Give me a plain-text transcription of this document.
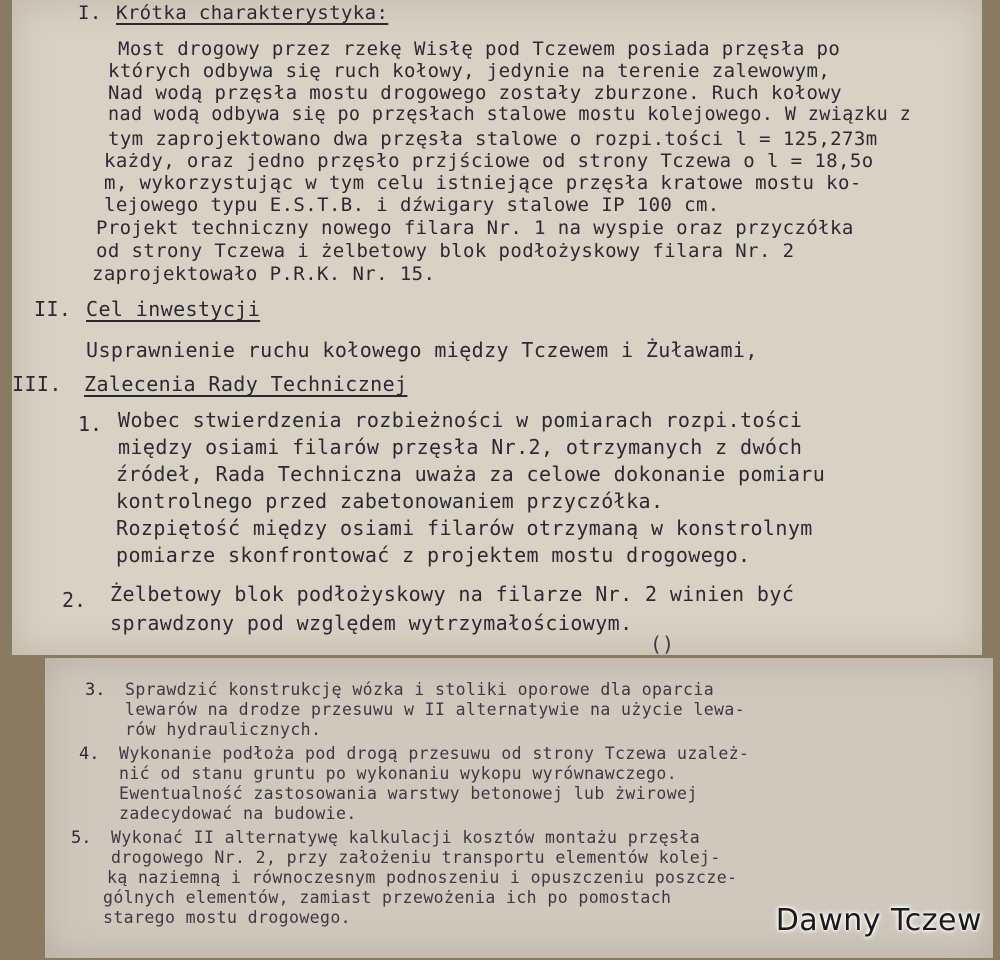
I. Krótka charakterystyka:
Most drogowy przez rzekę Wisłę pod Tczewem posiada przęsła po
których odbywa się ruch kołowy, jedynie na terenie zalewowym,
Nad wodą przęsła mostu drogowego zostały zburzone. Ruch kołowy
nad wodą odbywa się po przęsłach stalowe mostu kolejowego. W związku z
tym zaprojektowano dwa przęsła stalowe o rozpi.tości l = 125,273m
każdy, oraz jedno przęsło przjściowe od strony Tczewa o l = 18,5o
m, wykorzystując w tym celu istniejące przęsła kratowe mostu ko-
lejowego typu E.S.T.B. i dźwigary stalowe IP 100 cm.
Projekt techniczny nowego filara Nr. 1 na wyspie oraz przyczółka
od strony Tczewa i żelbetowy blok podłożyskowy filara Nr. 2
zaprojektowało P.R.K. Nr. 15.
II. Cel inwestycji
Usprawnienie ruchu kołowego między Tczewem i Żuławami,
III. Zalecenia Rady Technicznej
1. Wobec stwierdzenia rozbieżności w pomiarach rozpi.tości
między osiami filarów przęsła Nr.2, otrzymanych z dwóch
źródeł, Rada Techniczna uważa za celowe dokonanie pomiaru
kontrolnego przed zabetonowaniem przyczółka.
Rozpiętość między osiami filarów otrzymaną w konstrolnym
pomiarze skonfrontować z projektem mostu drogowego.
2. Żelbetowy blok podłożyskowy na filarze Nr. 2 winien być
sprawdzony pod względem wytrzymałościowym.
()
3. Sprawdzić konstrukcję wózka i stoliki oporowe dla oparcia
lewarów na drodze przesuwu w II alternatywie na użycie lewa-
rów hydraulicznych.
4. Wykonanie podłoża pod drogą przesuwu od strony Tczewa uzależ-
nić od stanu gruntu po wykonaniu wykopu wyrównawczego.
Ewentualność zastosowania warstwy betonowej lub żwirowej
zadecydować na budowie.
5. Wykonać II alternatywę kalkulacji kosztów montażu przęsła
drogowego Nr. 2, przy założeniu transportu elementów kolej-
ką naziemną i równoczesnym podnoszeniu i opuszczeniu poszcze-
gólnych elementów, zamiast przewożenia ich po pomostach
starego mostu drogowego.	Dawny Tczew
